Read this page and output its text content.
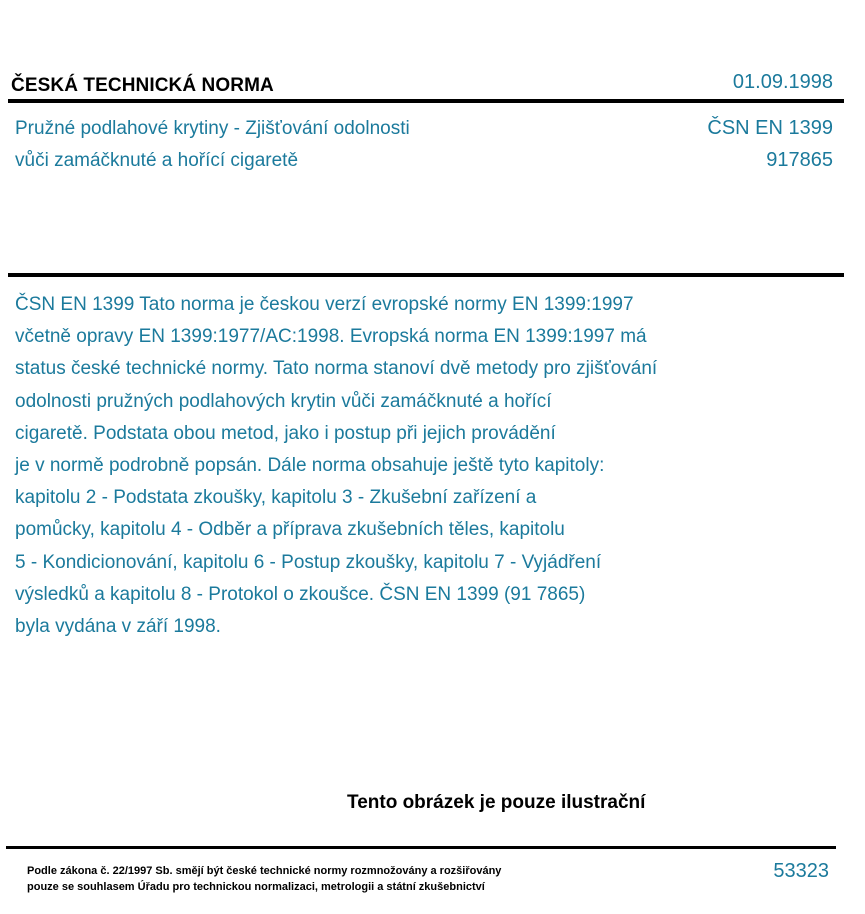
ČESKÁ TECHNICKÁ NORMA	01.09.1998
Pružné podlahové krytiny - Zjišťování odolnosti
vůči zamáčknuté a hořící cigaretě
ČSN EN 1399
917865
ČSN EN 1399 Tato norma je českou verzí evropské normy EN 1399:1997
včetně opravy EN 1399:1977/AC:1998. Evropská norma EN 1399:1997 má
status české technické normy. Tato norma stanoví dvě metody pro zjišťování
odolnosti pružných podlahových krytin vůči zamáčknuté a hořící
cigaretě. Podstata obou metod, jako i postup při jejich provádění
je v normě podrobně popsán. Dále norma obsahuje ještě tyto kapitoly:
kapitolu 2 - Podstata zkoušky, kapitolu 3 - Zkušební zařízení a
pomůcky, kapitolu 4 - Odběr a příprava zkušebních těles, kapitolu
5 - Kondicionování, kapitolu 6 - Postup zkoušky, kapitolu 7 - Vyjádření
výsledků a kapitolu 8 - Protokol o zkoušce. ČSN EN 1399 (91 7865)
byla vydána v září 1998.
Tento obrázek je pouze ilustrační
Podle zákona č. 22/1997 Sb. smějí být české technické normy rozmnožovány a rozšiřovány
pouze se souhlasem Úřadu pro technickou normalizaci, metrologii a státní zkušebnictví
53323
